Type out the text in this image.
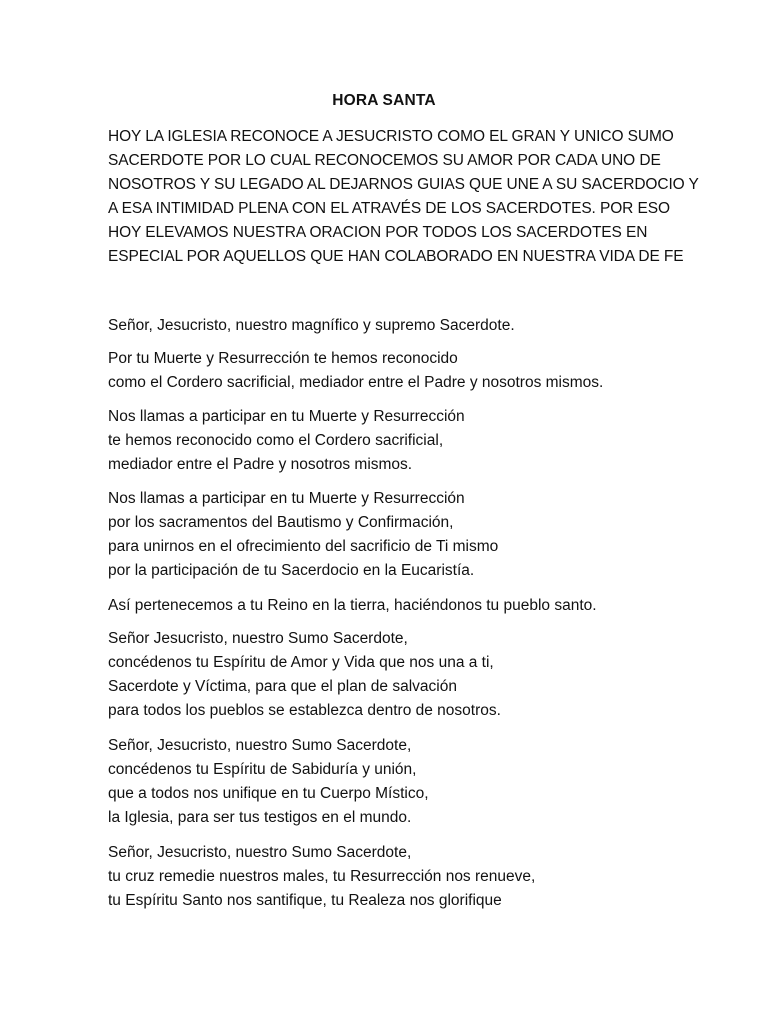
HORA SANTA

HOY LA IGLESIA RECONOCE A JESUCRISTO COMO EL GRAN Y UNICO SUMO
SACERDOTE POR LO CUAL RECONOCEMOS SU AMOR POR CADA UNO DE
NOSOTROS Y SU LEGADO AL DEJARNOS GUIAS QUE UNE A SU SACERDOCIO Y
A ESA INTIMIDAD PLENA CON EL ATRAVÉS DE LOS SACERDOTES. POR ESO
HOY ELEVAMOS NUESTRA ORACION POR TODOS LOS SACERDOTES EN
ESPECIAL POR AQUELLOS QUE HAN COLABORADO EN NUESTRA VIDA DE FE

Señor, Jesucristo, nuestro magnífico y supremo Sacerdote.

Por tu Muerte y Resurrección te hemos reconocido
como el Cordero sacrificial, mediador entre el Padre y nosotros mismos.

Nos llamas a participar en tu Muerte y Resurrección
te hemos reconocido como el Cordero sacrificial,
mediador entre el Padre y nosotros mismos.

Nos llamas a participar en tu Muerte y Resurrección
por los sacramentos del Bautismo y Confirmación,
para unirnos en el ofrecimiento del sacrificio de Ti mismo
por la participación de tu Sacerdocio en la Eucaristía.

Así pertenecemos a tu Reino en la tierra, haciéndonos tu pueblo santo.

Señor Jesucristo, nuestro Sumo Sacerdote,
concédenos tu Espíritu de Amor y Vida que nos una a ti,
Sacerdote y Víctima, para que el plan de salvación
para todos los pueblos se establezca dentro de nosotros.

Señor, Jesucristo, nuestro Sumo Sacerdote,
concédenos tu Espíritu de Sabiduría y unión,
que a todos nos unifique en tu Cuerpo Místico,
la Iglesia, para ser tus testigos en el mundo.

Señor, Jesucristo, nuestro Sumo Sacerdote,
tu cruz remedie nuestros males, tu Resurrección nos renueve,
tu Espíritu Santo nos santifique, tu Realeza nos glorifique
